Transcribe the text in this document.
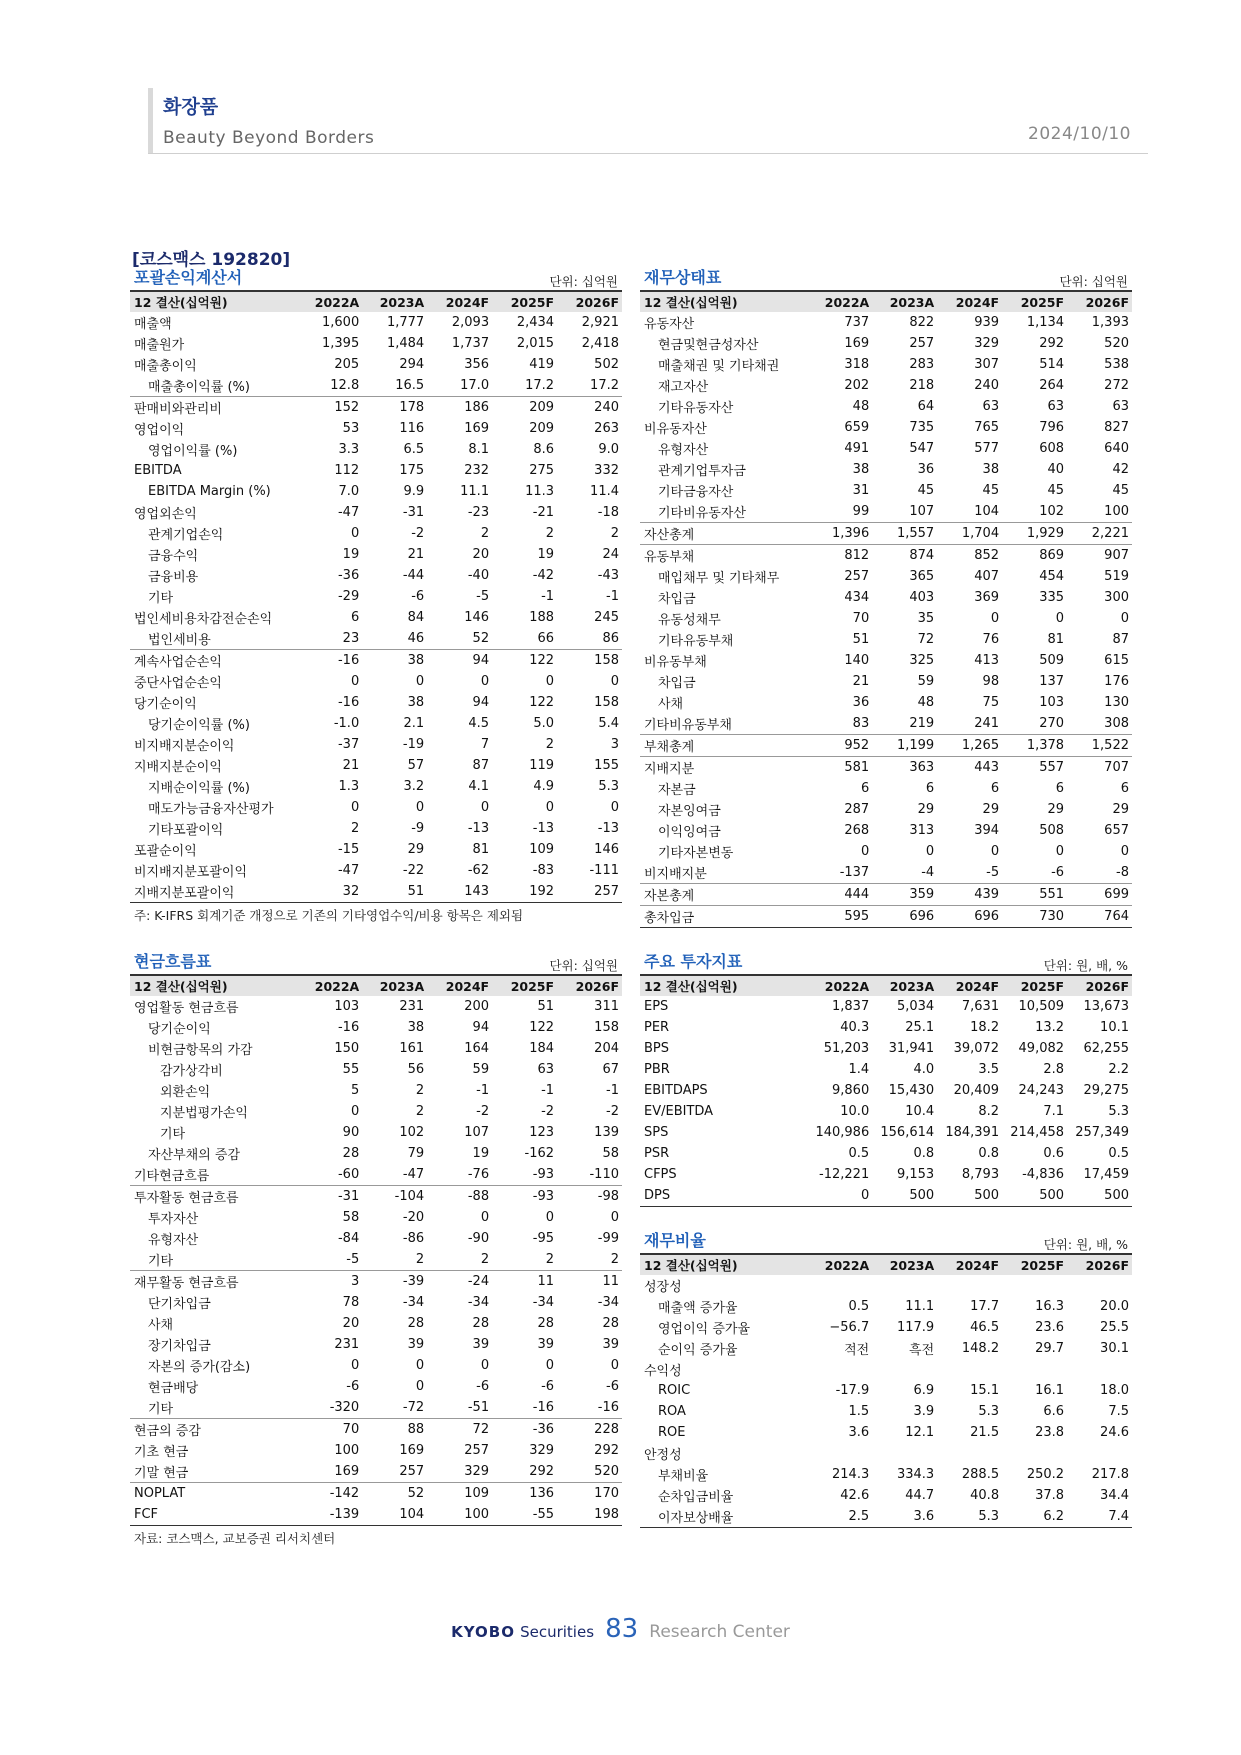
화장품
Beauty Beyond Borders	2024/10/10
[코스맥스 192820]
포괄손익계산서	단위: 십억원
12 결산(십억원)	2022A	2023A	2024F	2025F	2026F
매출액	1,600	1,777	2,093	2,434	2,921
매출원가	1,395	1,484	1,737	2,015	2,418
매출총이익	205	294	356	419	502
매출총이익률 (%)	12.8	16.5	17.0	17.2	17.2
판매비와관리비	152	178	186	209	240
영업이익	53	116	169	209	263
영업이익률 (%)	3.3	6.5	8.1	8.6	9.0
EBITDA	112	175	232	275	332
EBITDA Margin (%)	7.0	9.9	11.1	11.3	11.4
영업외손익	-47	-31	-23	-21	-18
관계기업손익	0	-2	2	2	2
금융수익	19	21	20	19	24
금융비용	-36	-44	-40	-42	-43
기타	-29	-6	-5	-1	-1
법인세비용차감전순손익	6	84	146	188	245
법인세비용	23	46	52	66	86
계속사업순손익	-16	38	94	122	158
중단사업순손익	0	0	0	0	0
당기순이익	-16	38	94	122	158
당기순이익률 (%)	-1.0	2.1	4.5	5.0	5.4
비지배지분순이익	-37	-19	7	2	3
지배지분순이익	21	57	87	119	155
지배순이익률 (%)	1.3	3.2	4.1	4.9	5.3
매도가능금융자산평가	0	0	0	0	0
기타포괄이익	2	-9	-13	-13	-13
포괄순이익	-15	29	81	109	146
비지배지분포괄이익	-47	-22	-62	-83	-111
지배지분포괄이익	32	51	143	192	257
주: K-IFRS 회계기준 개정으로 기존의 기타영업수익/비용 항목은 제외됨
재무상태표	단위: 십억원
12 결산(십억원)	2022A	2023A	2024F	2025F	2026F
유동자산	737	822	939	1,134	1,393
현금및현금성자산	169	257	329	292	520
매출채권 및 기타채권	318	283	307	514	538
재고자산	202	218	240	264	272
기타유동자산	48	64	63	63	63
비유동자산	659	735	765	796	827
유형자산	491	547	577	608	640
관계기업투자금	38	36	38	40	42
기타금융자산	31	45	45	45	45
기타비유동자산	99	107	104	102	100
자산총계	1,396	1,557	1,704	1,929	2,221
유동부채	812	874	852	869	907
매입채무 및 기타채무	257	365	407	454	519
차입금	434	403	369	335	300
유동성채무	70	35	0	0	0
기타유동부채	51	72	76	81	87
비유동부채	140	325	413	509	615
차입금	21	59	98	137	176
사채	36	48	75	103	130
기타비유동부채	83	219	241	270	308
부채총계	952	1,199	1,265	1,378	1,522
지배지분	581	363	443	557	707
자본금	6	6	6	6	6
자본잉여금	287	29	29	29	29
이익잉여금	268	313	394	508	657
기타자본변동	0	0	0	0	0
비지배지분	-137	-4	-5	-6	-8
자본총계	444	359	439	551	699
총차입금	595	696	696	730	764
현금흐름표	단위: 십억원
12 결산(십억원)	2022A	2023A	2024F	2025F	2026F
영업활동 현금흐름	103	231	200	51	311
당기순이익	-16	38	94	122	158
비현금항목의 가감	150	161	164	184	204
감가상각비	55	56	59	63	67
외환손익	5	2	-1	-1	-1
지분법평가손익	0	2	-2	-2	-2
기타	90	102	107	123	139
자산부채의 증감	28	79	19	-162	58
기타현금흐름	-60	-47	-76	-93	-110
투자활동 현금흐름	-31	-104	-88	-93	-98
투자자산	58	-20	0	0	0
유형자산	-84	-86	-90	-95	-99
기타	-5	2	2	2	2
재무활동 현금흐름	3	-39	-24	11	11
단기차입금	78	-34	-34	-34	-34
사채	20	28	28	28	28
장기차입금	231	39	39	39	39
자본의 증가(감소)	0	0	0	0	0
현금배당	-6	0	-6	-6	-6
기타	-320	-72	-51	-16	-16
현금의 증감	70	88	72	-36	228
기초 현금	100	169	257	329	292
기말 현금	169	257	329	292	520
NOPLAT	-142	52	109	136	170
FCF	-139	104	100	-55	198
자료: 코스맥스, 교보증권 리서치센터
주요 투자지표	단위: 원, 배, %
12 결산(십억원)	2022A	2023A	2024F	2025F	2026F
EPS	1,837	5,034	7,631	10,509	13,673
PER	40.3	25.1	18.2	13.2	10.1
BPS	51,203	31,941	39,072	49,082	62,255
PBR	1.4	4.0	3.5	2.8	2.2
EBITDAPS	9,860	15,430	20,409	24,243	29,275
EV/EBITDA	10.0	10.4	8.2	7.1	5.3
SPS	140,986	156,614	184,391	214,458	257,349
PSR	0.5	0.8	0.8	0.6	0.5
CFPS	-12,221	9,153	8,793	-4,836	17,459
DPS	0	500	500	500	500
재무비율	단위: 원, 배, %
12 결산(십억원)	2022A	2023A	2024F	2025F	2026F
성장성					
매출액 증가율	0.5	11.1	17.7	16.3	20.0
영업이익 증가율	−56.7	117.9	46.5	23.6	25.5
순이익 증가율	적전	흑전	148.2	29.7	30.1
수익성					
ROIC	-17.9	6.9	15.1	16.1	18.0
ROA	1.5	3.9	5.3	6.6	7.5
ROE	3.6	12.1	21.5	23.8	24.6
안정성					
부채비율	214.3	334.3	288.5	250.2	217.8
순차입금비율	42.6	44.7	40.8	37.8	34.4
이자보상배율	2.5	3.6	5.3	6.2	7.4
KYOBO Securities 83 Research Center
